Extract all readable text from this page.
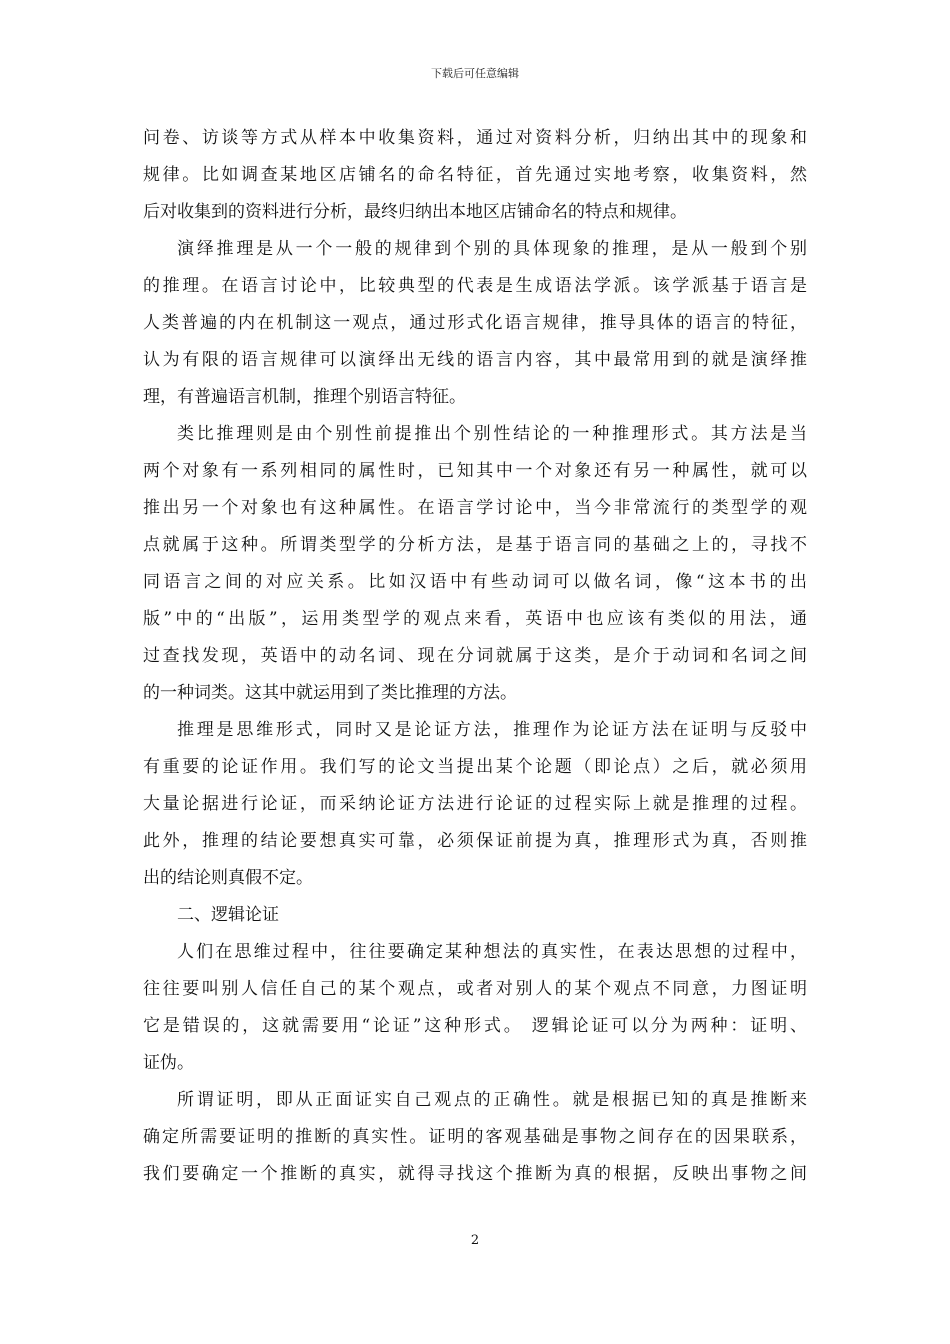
下载后可任意编辑
问卷、访谈等方式从样本中收集资料，通过对资料分析，归纳出其中的现象和
规律。比如调查某地区店铺名的命名特征，首先通过实地考察，收集资料，然
后对收集到的资料进行分析，最终归纳出本地区店铺命名的特点和规律。
演绎推理是从一个一般的规律到个别的具体现象的推理，是从一般到个别
的推理。在语言讨论中，比较典型的代表是生成语法学派。该学派基于语言是
人类普遍的内在机制这一观点，通过形式化语言规律，推导具体的语言的特征，
认为有限的语言规律可以演绎出无线的语言内容，其中最常用到的就是演绎推
理，有普遍语言机制，推理个别语言特征。
类比推理则是由个别性前提推出个别性结论的一种推理形式。其方法是当
两个对象有一系列相同的属性时，已知其中一个对象还有另一种属性，就可以
推出另一个对象也有这种属性。在语言学讨论中，当今非常流行的类型学的观
点就属于这种。所谓类型学的分析方法，是基于语言同的基础之上的，寻找不
同语言之间的对应关系。比如汉语中有些动词可以做名词，像“这本书的出
版”中的“出版”，运用类型学的观点来看，英语中也应该有类似的用法，通
过查找发现，英语中的动名词、现在分词就属于这类，是介于动词和名词之间
的一种词类。这其中就运用到了类比推理的方法。
推理是思维形式，同时又是论证方法，推理作为论证方法在证明与反驳中
有重要的论证作用。我们写的论文当提出某个论题（即论点）之后，就必须用
大量论据进行论证，而采纳论证方法进行论证的过程实际上就是推理的过程。
此外，推理的结论要想真实可靠，必须保证前提为真，推理形式为真，否则推
出的结论则真假不定。
二、逻辑论证
人们在思维过程中，往往要确定某种想法的真实性，在表达思想的过程中，
往往要叫别人信任自己的某个观点，或者对别人的某个观点不同意，力图证明
它是错误的，这就需要用“论证”这种形式。 逻辑论证可以分为两种：证明、
证伪。
所谓证明，即从正面证实自己观点的正确性。就是根据已知的真是推断来
确定所需要证明的推断的真实性。证明的客观基础是事物之间存在的因果联系，
我们要确定一个推断的真实，就得寻找这个推断为真的根据，反映出事物之间
2
